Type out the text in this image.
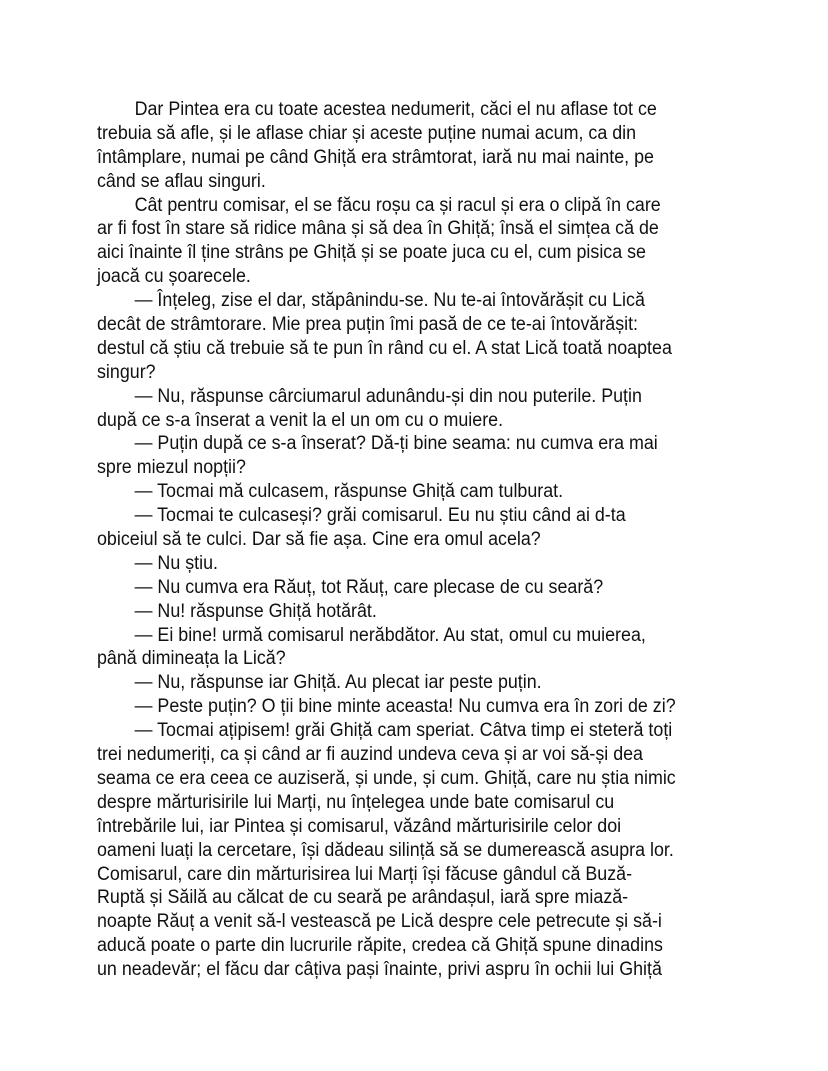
Dar Pintea era cu toate acestea nedumerit, căci el nu aflase tot ce
trebuia să afle, și le aflase chiar și aceste puține numai acum, ca din
întâmplare, numai pe când Ghiță era strâmtorat, iară nu mai nainte, pe
când se aflau singuri.
Cât pentru comisar, el se făcu roșu ca și racul și era o clipă în care
ar fi fost în stare să ridice mâna și să dea în Ghiță; însă el simțea că de
aici înainte îl ține strâns pe Ghiță și se poate juca cu el, cum pisica se
joacă cu șoarecele.
— Înțeleg, zise el dar, stăpânindu-se. Nu te-ai întovărășit cu Lică
decât de strâmtorare. Mie prea puțin îmi pasă de ce te-ai întovărășit:
destul că știu că trebuie să te pun în rând cu el. A stat Lică toată noaptea
singur?
— Nu, răspunse cârciumarul adunându-și din nou puterile. Puțin
după ce s-a înserat a venit la el un om cu o muiere.
— Puțin după ce s-a înserat? Dă-ți bine seama: nu cumva era mai
spre miezul nopții?
— Tocmai mă culcasem, răspunse Ghiță cam tulburat.
— Tocmai te culcaseși? grăi comisarul. Eu nu știu când ai d-ta
obiceiul să te culci. Dar să fie așa. Cine era omul acela?
— Nu știu.
— Nu cumva era Răuț, tot Răuț, care plecase de cu seară?
— Nu! răspunse Ghiță hotărât.
— Ei bine! urmă comisarul nerăbdător. Au stat, omul cu muierea,
până dimineața la Lică?
— Nu, răspunse iar Ghiță. Au plecat iar peste puțin.
— Peste puțin? O ții bine minte aceasta! Nu cumva era în zori de zi?
— Tocmai ațipisem! grăi Ghiță cam speriat. Câtva timp ei steteră toți
trei nedumeriți, ca și când ar fi auzind undeva ceva și ar voi să-și dea
seama ce era ceea ce auziseră, și unde, și cum. Ghiță, care nu știa nimic
despre mărturisirile lui Marți, nu înțelegea unde bate comisarul cu
întrebările lui, iar Pintea și comisarul, văzând mărturisirile celor doi
oameni luați la cercetare, își dădeau silință să se dumerească asupra lor.
Comisarul, care din mărturisirea lui Marți își făcuse gândul că Buză-
Ruptă și Săilă au călcat de cu seară pe arândașul, iară spre miază-
noapte Răuț a venit să-l vestească pe Lică despre cele petrecute și să-i
aducă poate o parte din lucrurile răpite, credea că Ghiță spune dinadins
un neadevăr; el făcu dar câțiva pași înainte, privi aspru în ochii lui Ghiță
